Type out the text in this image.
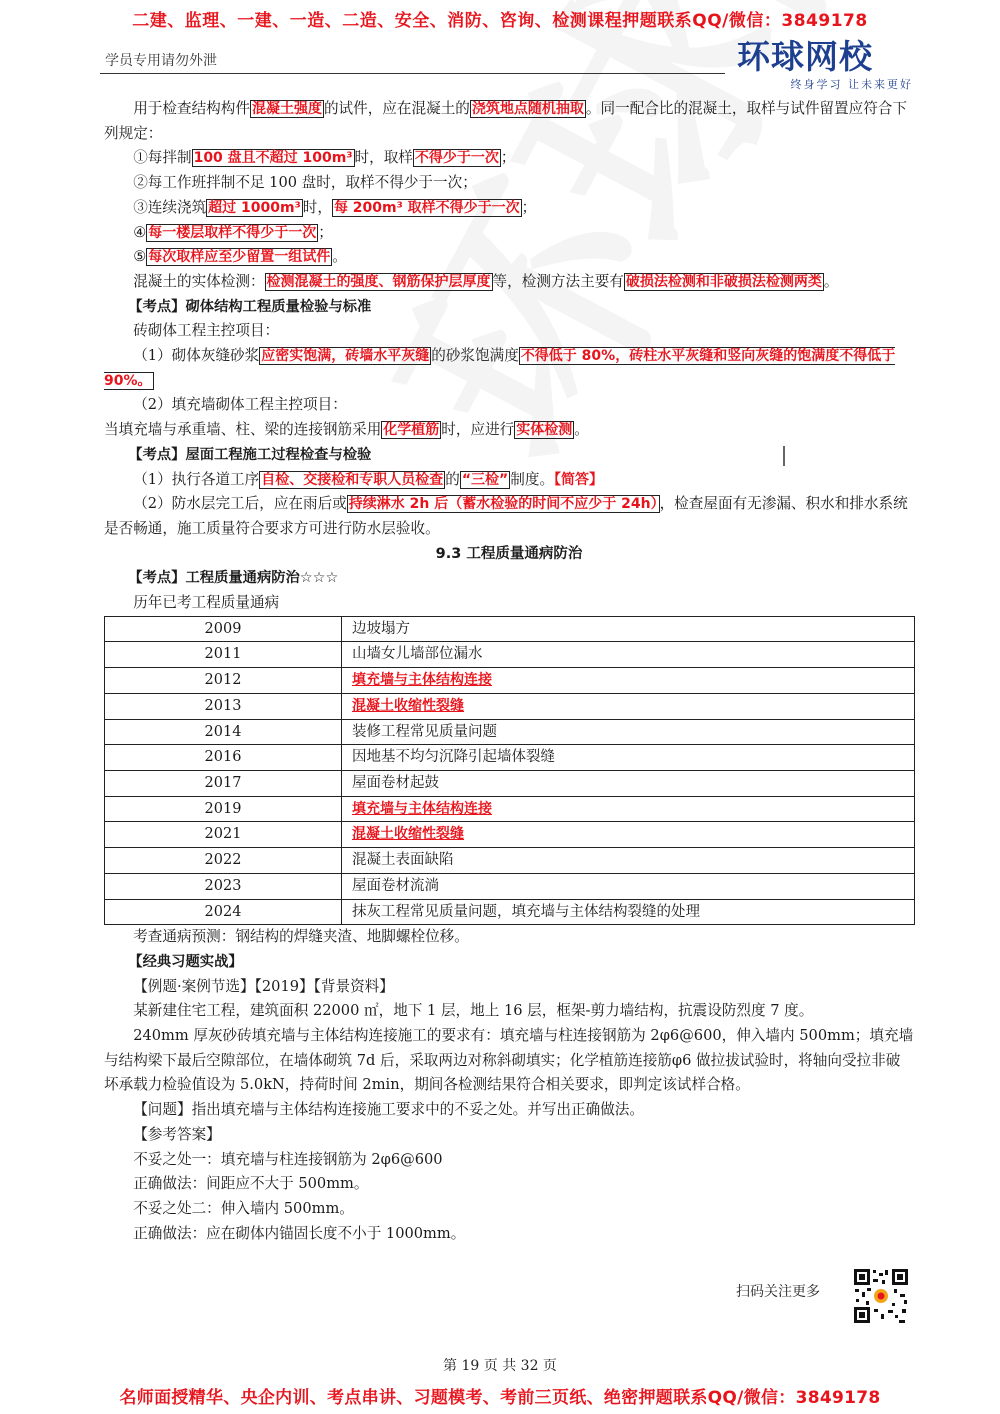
二建、监理、一建、一造、二造、安全、消防、咨询、检测课程押题联系QQ/微信：3849178
学员专用请勿外泄	环球网校
终身学习 让未来更好

用于检查结构构件 混凝土强度 的试件，应在混凝土的 浇筑地点随机抽取 。同一配合比的混凝土，取样与试件留置应符合下列规定：

①每拌制 100 盘且不超过 100m³ 时，取样 不得少于一次 ；

②每工作班拌制不足 100 盘时，取样不得少于一次；

③连续浇筑 超过 1000m³ 时， 每 200m³ 取样不得少于一次 ；

④ 每一楼层取样不得少于一次 ；

⑤ 每次取样应至少留置一组试件 。

混凝土的实体检测： 检测混凝土的强度、钢筋保护层厚度 等，检测方法主要有 破损法检测和非破损法检测两类 。

【考点】砌体结构工程质量检验与标准

砖砌体工程主控项目：

（1）砌体灰缝砂浆 应密实饱满，砖墙水平灰缝 的砂浆饱满度 不得低于 80%，砖柱水平灰缝和竖向灰缝的饱满度不得低于 90%。

（2）填充墙砌体工程主控项目：

当填充墙与承重墙、柱、梁的连接钢筋采用 化学植筋 时，应进行 实体检测 。

【考点】屋面工程施工过程检查与检验

（1）执行各道工序 自检、交接检和专职人员检查 的 “三检” 制度。【简答】

（2）防水层完工后，应在雨后或 持续淋水 2h 后（蓄水检验的时间不应少于 24h） ，检查屋面有无渗漏、积水和排水系统是否畅通，施工质量符合要求方可进行防水层验收。

9.3 工程质量通病防治

【考点】工程质量通病防治☆☆☆

历年已考工程质量通病

2009	边坡塌方
2011	山墙女儿墙部位漏水
2012	填充墙与主体结构连接
2013	混凝土收缩性裂缝
2014	装修工程常见质量问题
2016	因地基不均匀沉降引起墙体裂缝
2017	屋面卷材起鼓
2019	填充墙与主体结构连接
2021	混凝土收缩性裂缝
2022	混凝土表面缺陷
2023	屋面卷材流淌
2024	抹灰工程常见质量问题，填充墙与主体结构裂缝的处理

考查通病预测：钢结构的焊缝夹渣、地脚螺栓位移。

【经典习题实战】

【例题·案例节选】【2019】【背景资料】

某新建住宅工程，建筑面积 22000 ㎡，地下 1 层，地上 16 层，框架-剪力墙结构，抗震设防烈度 7 度。

240mm 厚灰砂砖填充墙与主体结构连接施工的要求有：填充墙与柱连接钢筋为 2φ6@600，伸入墙内 500mm；填充墙与结构梁下最后空隙部位，在墙体砌筑 7d 后，采取两边对称斜砌填实；化学植筋连接筋φ6 做拉拔试验时，将轴向受拉非破坏承载力检验值设为 5.0kN，持荷时间 2min，期间各检测结果符合相关要求，即判定该试样合格。

【问题】指出填充墙与主体结构连接施工要求中的不妥之处。并写出正确做法。

【参考答案】

不妥之处一：填充墙与柱连接钢筋为 2φ6@600

正确做法：间距应不大于 500mm。

不妥之处二：伸入墙内 500mm。

正确做法：应在砌体内锚固长度不小于 1000mm。

扫码关注更多
第 19 页 共 32 页
名师面授精华、央企内训、考点串讲、习题模考、考前三页纸、绝密押题联系QQ/微信：3849178
